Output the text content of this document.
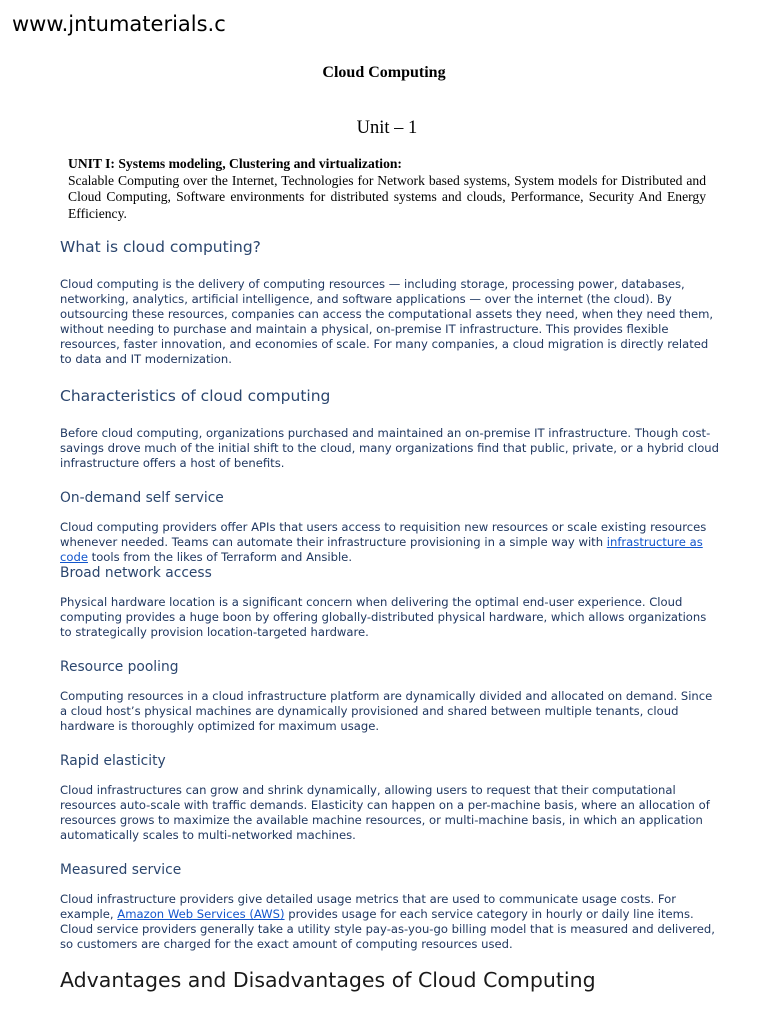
www.jntumaterials.c
Cloud Computing
Unit – 1
UNIT I: Systems modeling, Clustering and virtualization:
Scalable Computing over the Internet, Technologies for Network based systems, System models for Distributed and Cloud Computing, Software environments for distributed systems and clouds, Performance, Security And Energy Efficiency.
What is cloud computing?
Cloud computing is the delivery of computing resources — including storage, processing power, databases, networking, analytics, artificial intelligence, and software applications — over the internet (the cloud). By outsourcing these resources, companies can access the computational assets they need, when they need them, without needing to purchase and maintain a physical, on-premise IT infrastructure. This provides flexible resources, faster innovation, and economies of scale. For many companies, a cloud migration is directly related to data and IT modernization.
Characteristics of cloud computing
Before cloud computing, organizations purchased and maintained an on-premise IT infrastructure. Though cost-savings drove much of the initial shift to the cloud, many organizations find that public, private, or a hybrid cloud infrastructure offers a host of benefits.
On-demand self service
Cloud computing providers offer APIs that users access to requisition new resources or scale existing resources whenever needed. Teams can automate their infrastructure provisioning in a simple way with infrastructure as code tools from the likes of Terraform and Ansible.
Broad network access
Physical hardware location is a significant concern when delivering the optimal end-user experience. Cloud computing provides a huge boon by offering globally-distributed physical hardware, which allows organizations to strategically provision location-targeted hardware.
Resource pooling
Computing resources in a cloud infrastructure platform are dynamically divided and allocated on demand. Since a cloud host’s physical machines are dynamically provisioned and shared between multiple tenants, cloud hardware is thoroughly optimized for maximum usage.
Rapid elasticity
Cloud infrastructures can grow and shrink dynamically, allowing users to request that their computational resources auto-scale with traffic demands. Elasticity can happen on a per-machine basis, where an allocation of resources grows to maximize the available machine resources, or multi-machine basis, in which an application automatically scales to multi-networked machines.
Measured service
Cloud infrastructure providers give detailed usage metrics that are used to communicate usage costs. For example, Amazon Web Services (AWS) provides usage for each service category in hourly or daily line items. Cloud service providers generally take a utility style pay-as-you-go billing model that is measured and delivered, so customers are charged for the exact amount of computing resources used.
Advantages and Disadvantages of Cloud Computing
